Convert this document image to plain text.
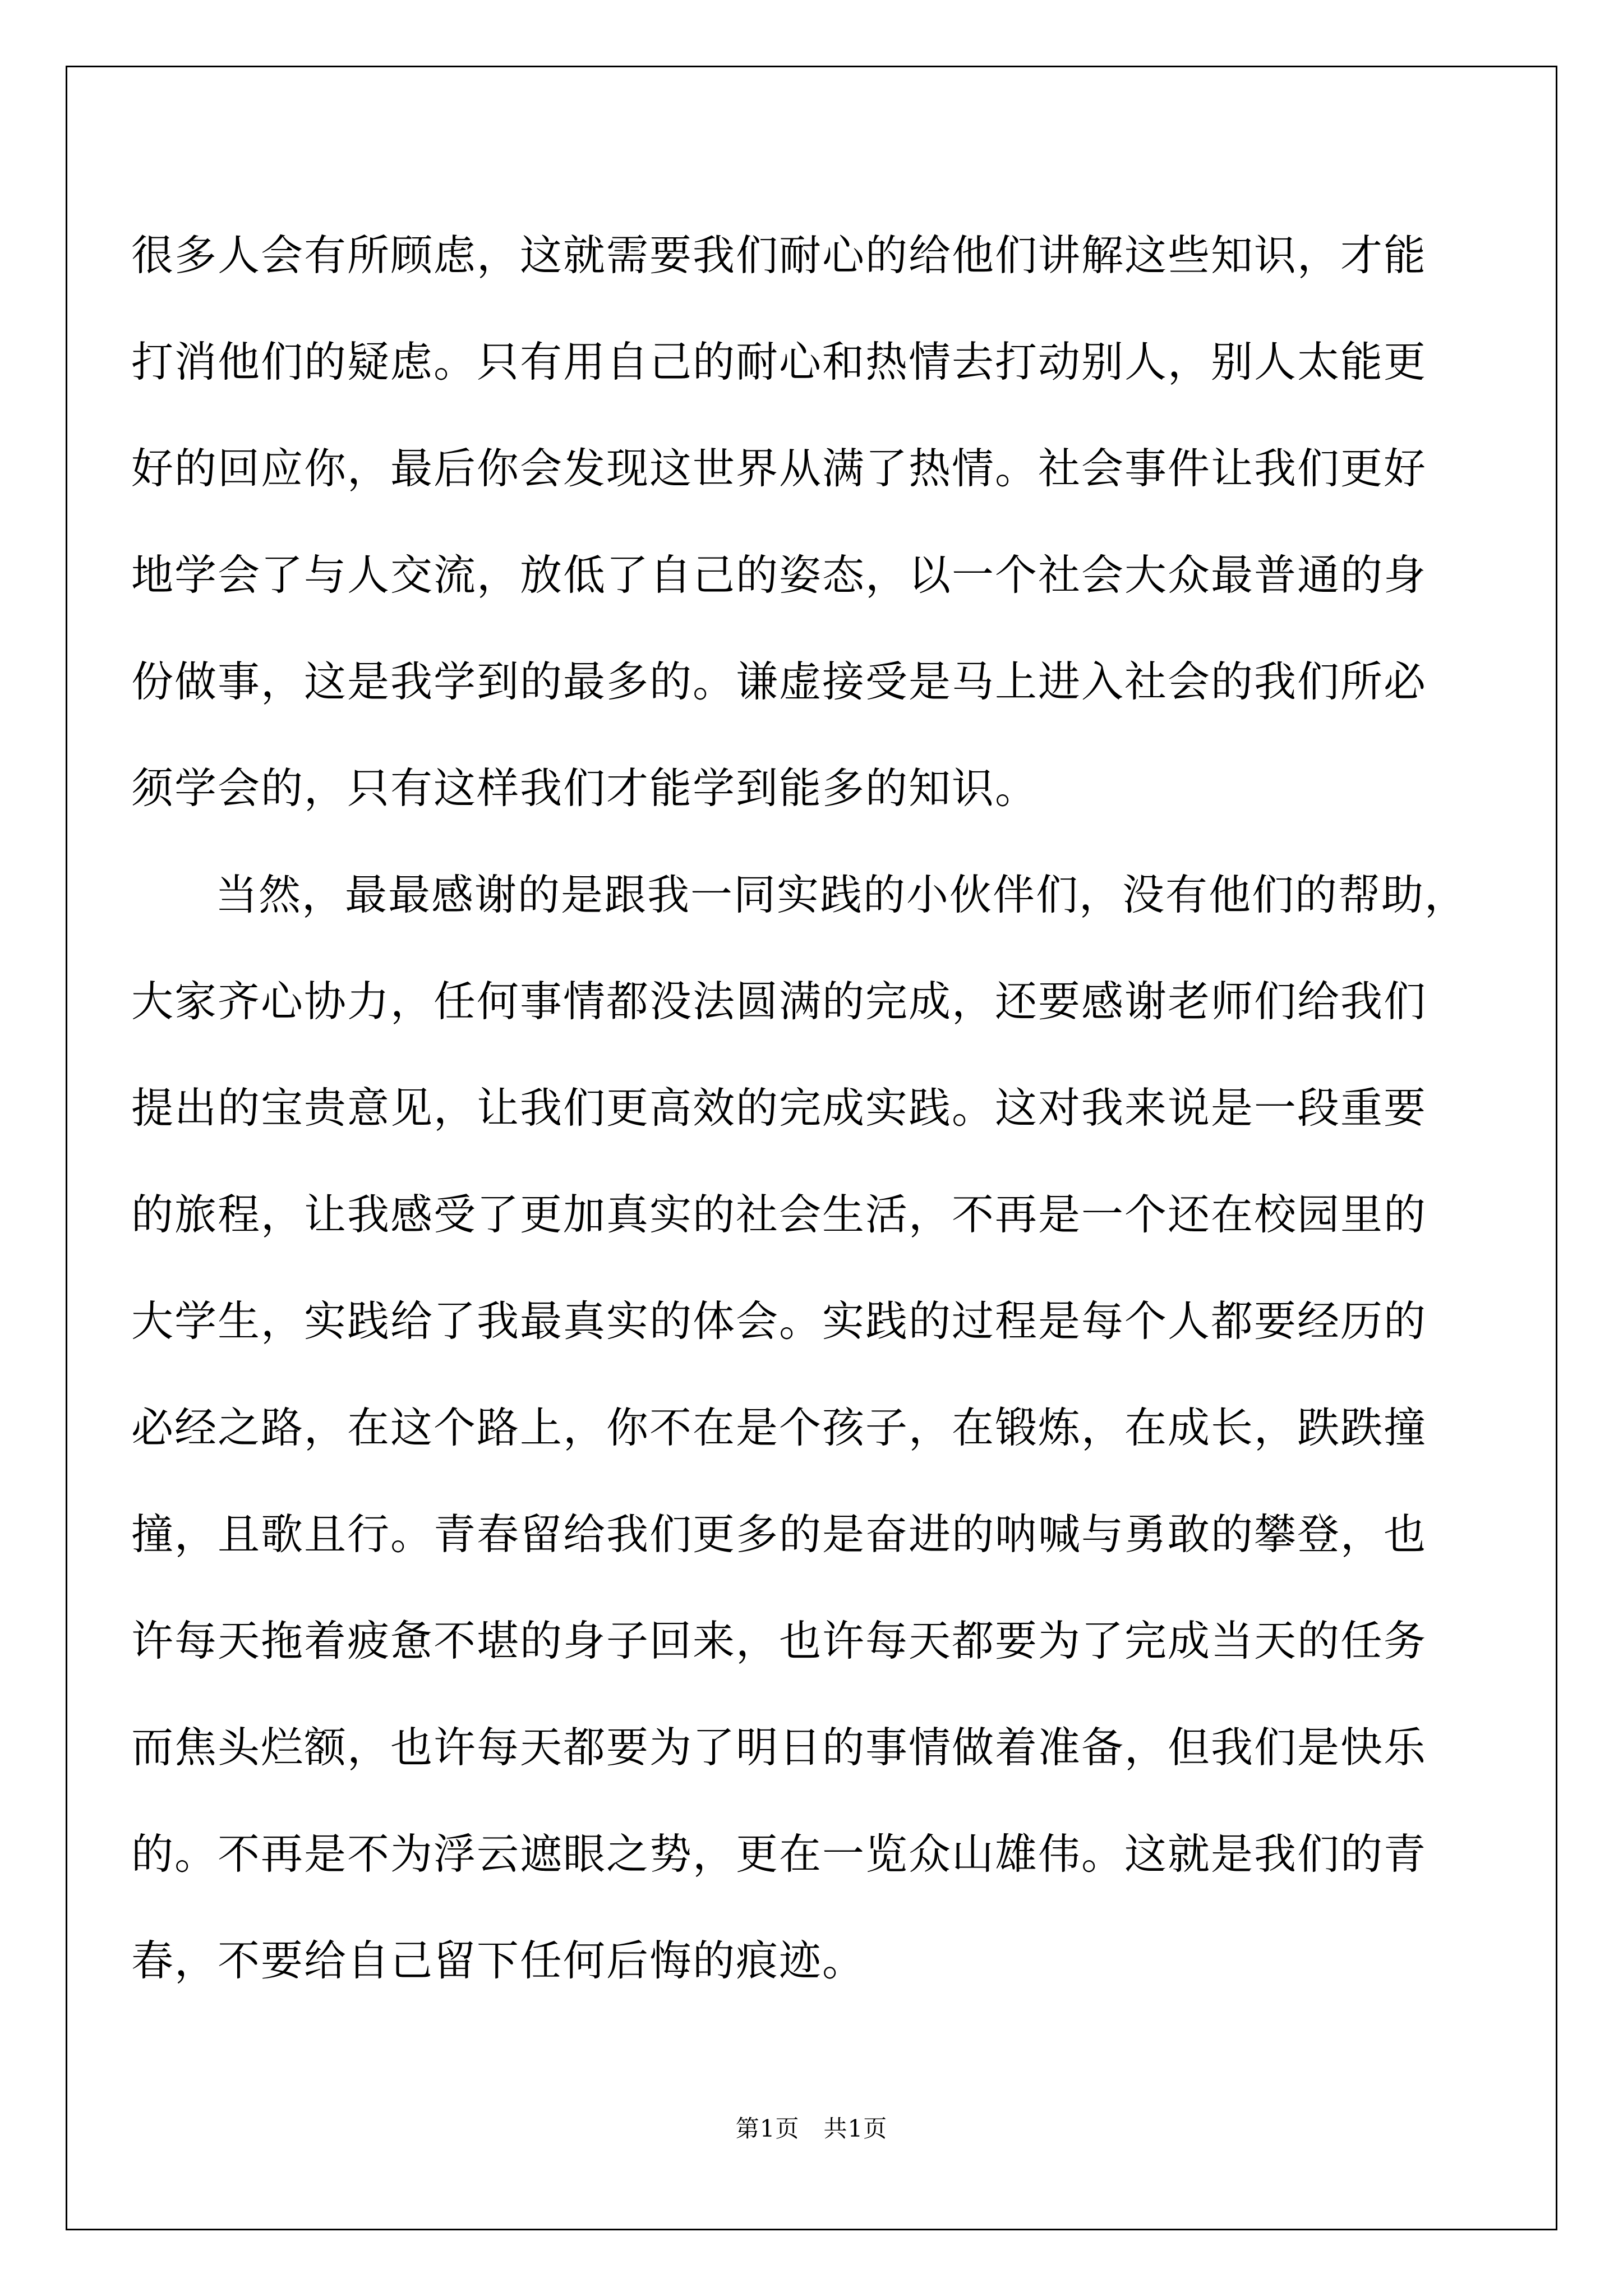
很多人会有所顾虑，这就需要我们耐心的给他们讲解这些知识，才能
打消他们的疑虑。只有用自己的耐心和热情去打动别人，别人太能更
好的回应你，最后你会发现这世界从满了热情。社会事件让我们更好
地学会了与人交流，放低了自己的姿态，以一个社会大众最普通的身
份做事，这是我学到的最多的。谦虚接受是马上进入社会的我们所必
须学会的，只有这样我们才能学到能多的知识。
当然，最最感谢的是跟我一同实践的小伙伴们，没有他们的帮助，
大家齐心协力，任何事情都没法圆满的完成，还要感谢老师们给我们
提出的宝贵意见，让我们更高效的完成实践。这对我来说是一段重要
的旅程，让我感受了更加真实的社会生活，不再是一个还在校园里的
大学生，实践给了我最真实的体会。实践的过程是每个人都要经历的
必经之路，在这个路上，你不在是个孩子，在锻炼，在成长，跌跌撞
撞，且歌且行。青春留给我们更多的是奋进的呐喊与勇敢的攀登，也
许每天拖着疲惫不堪的身子回来，也许每天都要为了完成当天的任务
而焦头烂额，也许每天都要为了明日的事情做着准备，但我们是快乐
的。不再是不为浮云遮眼之势，更在一览众山雄伟。这就是我们的青
春，不要给自己留下任何后悔的痕迹。
第1页　共1页
